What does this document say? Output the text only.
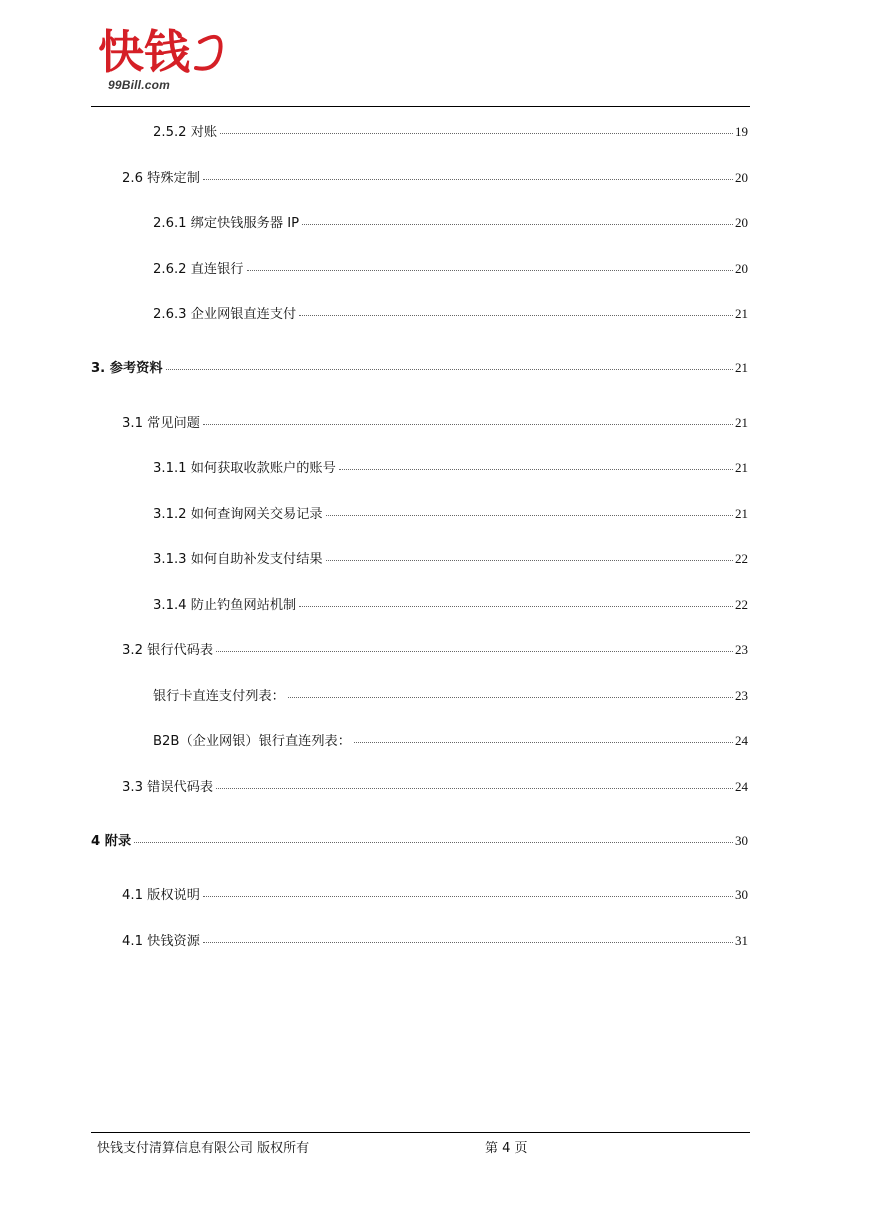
快钱
99Bill.com
2.5.2 对账	19
2.6 特殊定制	20
2.6.1 绑定快钱服务器 IP	20
2.6.2 直连银行	20
2.6.3 企业网银直连支付	21
3. 参考资料	21
3.1 常见问题	21
3.1.1 如何获取收款账户的账号	21
3.1.2 如何查询网关交易记录	21
3.1.3 如何自助补发支付结果	22
3.1.4 防止钓鱼网站机制	22
3.2 银行代码表	23
银行卡直连支付列表：	23
B2B（企业网银）银行直连列表：	24
3.3 错误代码表	24
4 附录	30
4.1 版权说明	30
4.1 快钱资源	31
快钱支付清算信息有限公司 版权所有	第 4 页
